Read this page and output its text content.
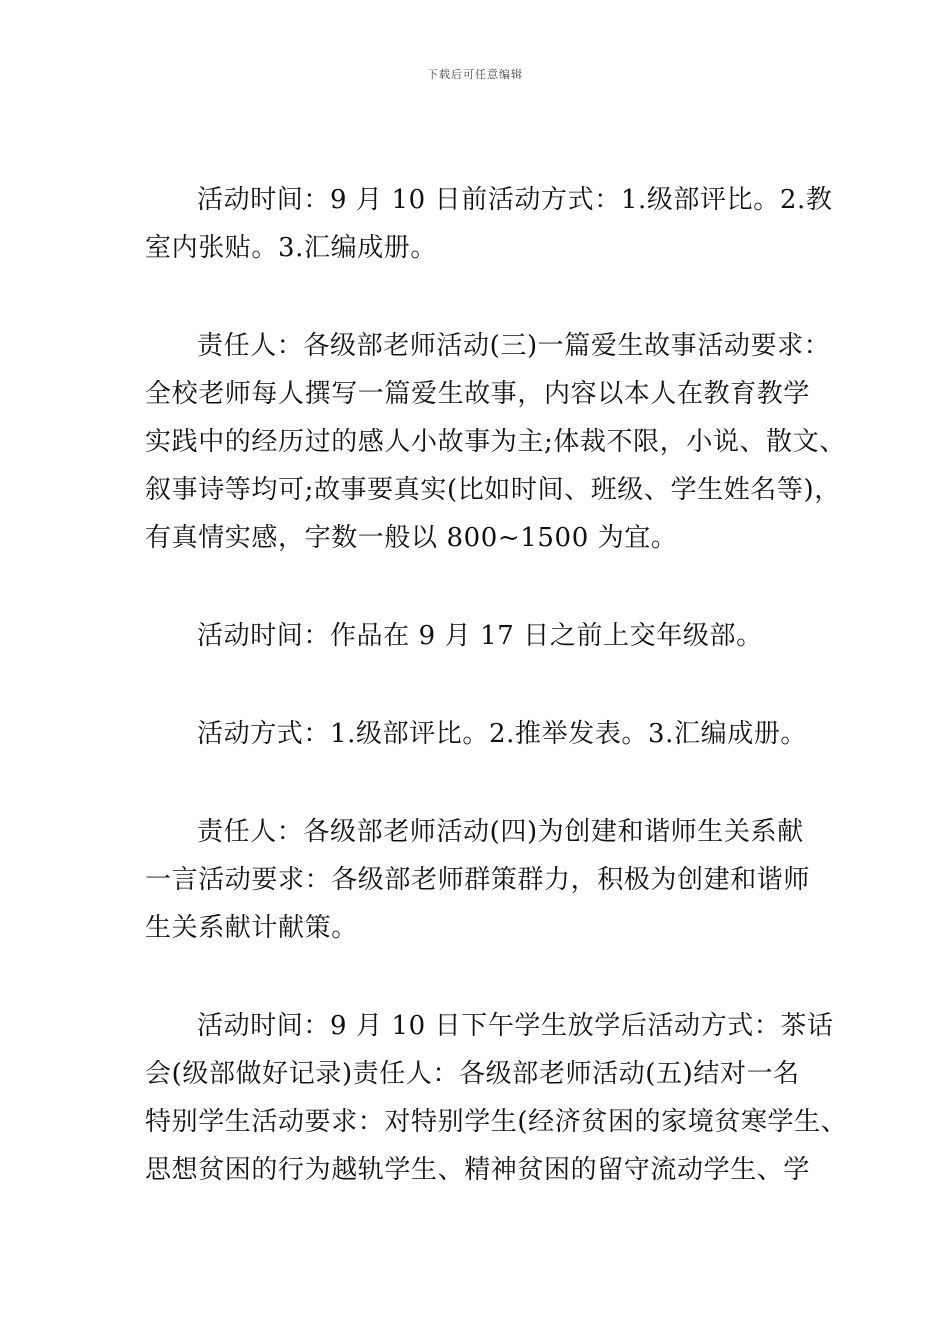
下载后可任意编辑

活动时间：9 月 10 日前活动方式：1.级部评比。2.教
室内张贴。3.汇编成册。

责任人：各级部老师活动(三)一篇爱生故事活动要求：
全校老师每人撰写一篇爱生故事，内容以本人在教育教学
实践中的经历过的感人小故事为主;体裁不限，小说、散文、
叙事诗等均可;故事要真实(比如时间、班级、学生姓名等)，
有真情实感，字数一般以 800~1500 为宜。

活动时间：作品在 9 月 17 日之前上交年级部。

活动方式：1.级部评比。2.推举发表。3.汇编成册。

责任人：各级部老师活动(四)为创建和谐师生关系献
一言活动要求：各级部老师群策群力，积极为创建和谐师
生关系献计献策。

活动时间：9 月 10 日下午学生放学后活动方式：茶话
会(级部做好记录)责任人：各级部老师活动(五)结对一名
特别学生活动要求：对特别学生(经济贫困的家境贫寒学生、
思想贫困的行为越轨学生、精神贫困的留守流动学生、学
